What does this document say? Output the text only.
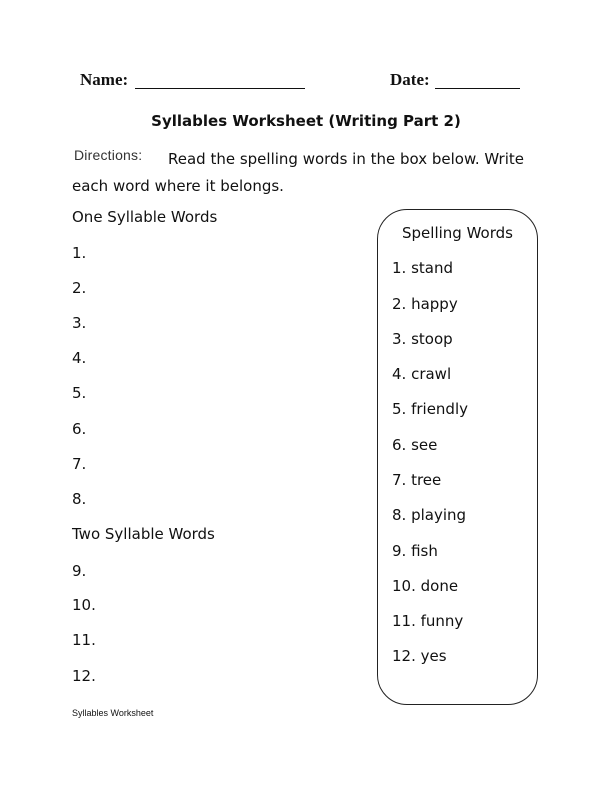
Name:	Date:
Syllables Worksheet (Writing Part 2)
Directions:	Read the spelling words in the box below. Write each word where it belongs.
One Syllable Words
1.
2.
3.
4.
5.
6.
7.
8.
Two Syllable Words
9.
10.
11.
12.
Spelling Words
1. stand
2. happy
3. stoop
4. crawl
5. friendly
6. see
7. tree
8. playing
9. fish
10. done
11. funny
12. yes
Syllables Worksheet
